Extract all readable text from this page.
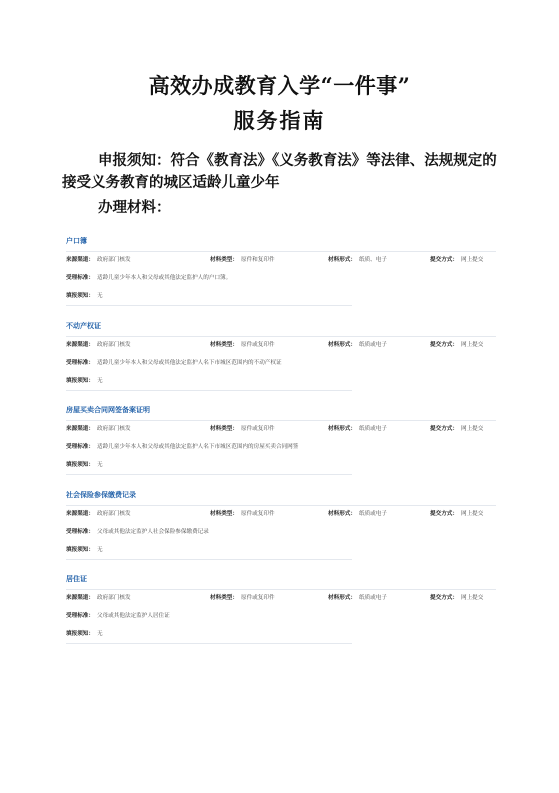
高效办成教育入学“一件事”
服务指南
申报须知：符合《教育法》《义务教育法》等法律、法规规定的接受义务教育的城区适龄儿童少年
办理材料：
户口簿
来源渠道： 政府部门核发	材料类型： 原件和复印件	材料形式： 纸质、电子	提交方式： 网上提交
受理标准： 适龄儿童少年本人和父母或其他法定监护人的户口簿。
填报须知： 无
不动产权证
来源渠道： 政府部门核发	材料类型： 原件或复印件	材料形式： 纸质或电子	提交方式： 网上提交
受理标准： 适龄儿童少年本人和父母或其他法定监护人名下市城区范围内的不动产权证
填报须知： 无
房屋买卖合同网签备案证明
来源渠道： 政府部门核发	材料类型： 原件或复印件	材料形式： 纸质或电子	提交方式： 网上提交
受理标准： 适龄儿童少年本人和父母或其他法定监护人名下市城区范围内的房屋买卖合同网签
填报须知： 无
社会保险参保缴费记录
来源渠道： 政府部门核发	材料类型： 原件或复印件	材料形式： 纸质或电子	提交方式： 网上提交
受理标准： 父母或其他法定监护人社会保险参保缴费记录
填报须知： 无
居住证
来源渠道： 政府部门核发	材料类型： 原件或复印件	材料形式： 纸质或电子	提交方式： 网上提交
受理标准： 父母或其他法定监护人居住证
填报须知： 无
